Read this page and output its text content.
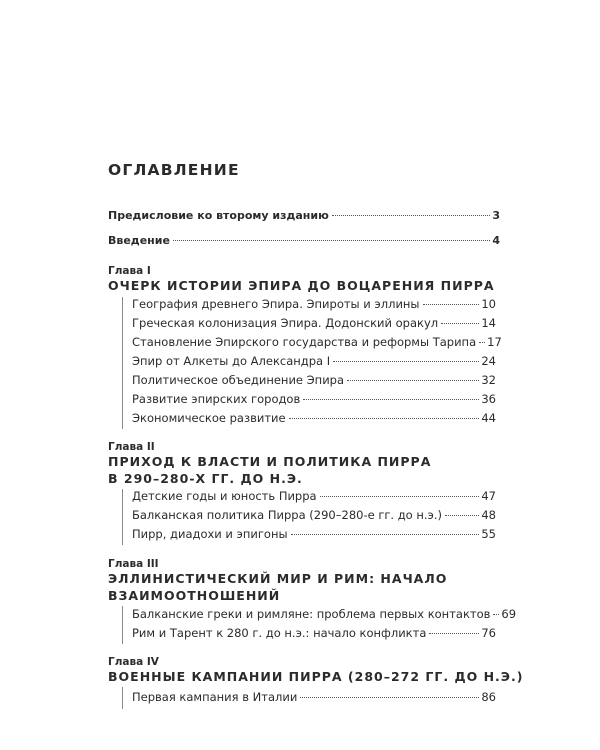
ОГЛАВЛЕНИЕ
Предисловие ко второму изданию	3
Введение	4
Глава I
ОЧЕРК ИСТОРИИ ЭПИРА ДО ВОЦАРЕНИЯ ПИРРА
География древнего Эпира. Эпироты и эллины	10
Греческая колонизация Эпира. Додонский оракул	14
Становление Эпирского государства и реформы Тарипа 17
Эпир от Алкеты до Александра I	24
Политическое объединение Эпира	32
Развитие эпирских городов	36
Экономическое развитие	44
Глава II
ПРИХОД К ВЛАСТИ И ПОЛИТИКА ПИРРА
В 290–280-Х ГГ. ДО Н.Э.
Детские годы и юность Пирра	47
Балканская политика Пирра (290–280-е гг. до н.э.)	48
Пирр, диадохи и эпигоны	55
Глава III
ЭЛЛИНИСТИЧЕСКИЙ МИР И РИМ: НАЧАЛО
ВЗАИМООТНОШЕНИЙ
Балканские греки и римляне: проблема первых контактов 69
Рим и Тарент к 280 г. до н.э.: начало конфликта	76
Глава IV
ВОЕННЫЕ КАМПАНИИ ПИРРА (280–272 ГГ. ДО Н.Э.)
Первая кампания в Италии	86
